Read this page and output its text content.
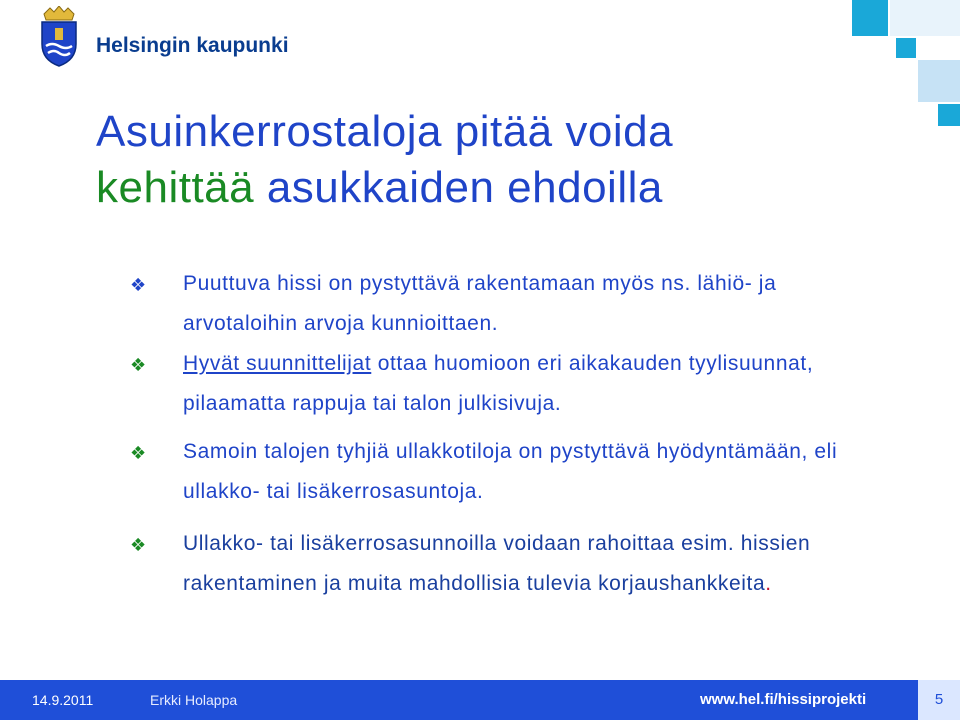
Helsingin kaupunki
Asuinkerrostaloja pitää voida
kehittää asukkaiden ehdoilla
❖ Puuttuva hissi on pystyttävä rakentamaan myös ns. lähiö- ja arvotaloihin arvoja kunnioittaen.
❖ Hyvät suunnittelijat ottaa huomioon eri aikakauden tyylisuunnat, pilaamatta rappuja tai talon julkisivuja.
❖ Samoin talojen tyhjiä ullakkotiloja on pystyttävä hyödyntämään, eli ullakko- tai lisäkerrosasuntoja.
❖ Ullakko- tai lisäkerrosasunnoilla voidaan rahoittaa esim. hissien rakentaminen ja muita mahdollisia tulevia korjaushankkeita.
14.9.2011	Erkki Holappa	www.hel.fi/hissiprojekti	5
